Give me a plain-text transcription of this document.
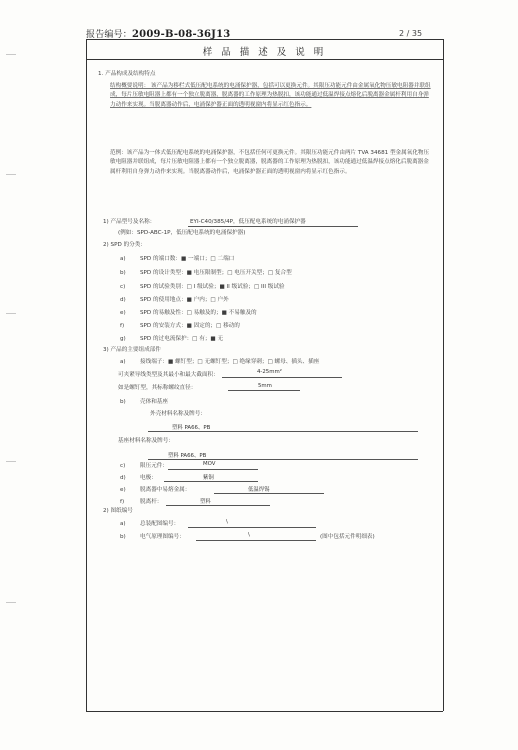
报告编号：2009-B-08-36J13	2 / 35
样 品 描 述 及 说 明
1. 产品构成及结构特点
结构概要说明： 该产品为移栏式低压配电系统的电涌保护器，包括可以更换元件。其限压功能元件由金属氧化物压敏电阻器并联组成，每片压敏电阻器上都有一个独立脱离器，脱离器的工作原理为热脱扣，该功能通过低温焊接点熔化后脱离器金属杆利用自身弹力动作来实现。当脱离器动作后，电涌保护器正面的透明视窗内将显示红色指示。
范例：该产品为一体式低压配电系统的电涌保护器，不包括任何可更换元件。其限压功能元件由两片 TVA 34681 型金属氧化物压敏电阻器并联组成，每片压敏电阻器上都有一个独立脱离器，脱离器的工作原理为热脱扣，该功能通过低温焊接点熔化后脱离器金属杆利用自身弹力动作来实现。当脱离器动作后，电涌保护器正面的透明视窗内将显示红色指示。
1) 产品型号及名称：	EYI-C40/385/4P，低压配电系统的电涌保护器
(例如：SPD-ABC-1P，低压配电系统的电涌保护器)
2) SPD 的分类：
a)	SPD 的端口数：■ 一端口；□ 二端口
b)	SPD 的设计类型：■ 电压限制型；□ 电压开关型；□ 复合型
c)	SPD 的试验类别：□ I 级试验；■ II 级试验；□ III 级试验
d)	SPD 的使用地点：■ 户内；□ 户外
e)	SPD 的易触及性：□ 易触及的；■ 不易触及的
f)	SPD 的安装方式：■ 固定的；□ 移动的
g)	SPD 的过电流保护：□ 有；■ 无
3) 产品的主要组成部件
a)	接线端子：■ 螺钉型；□ 无螺钉型；□ 绝缘穿刺；□ 螺母、插头、插座
可夹紧导线类型及其最小和最大截面积：	4-25mm²
如是螺钉型，其标称螺纹直径：	5mm
b)	壳体和基座
外壳材料名称及牌号：
塑料 PA66、PB
基座材料名称及牌号：
塑料 PA66、PB
c)	限压元件：	MOV
d)	电极：	紫铜
e)	脱离器中易熔金属：	低温焊锡
f)	脱离杆：	塑料
2) 图纸编号
a)	总装配图编号：	\
b)	电气原理图编号：	\	(图中包括元件明细表)
